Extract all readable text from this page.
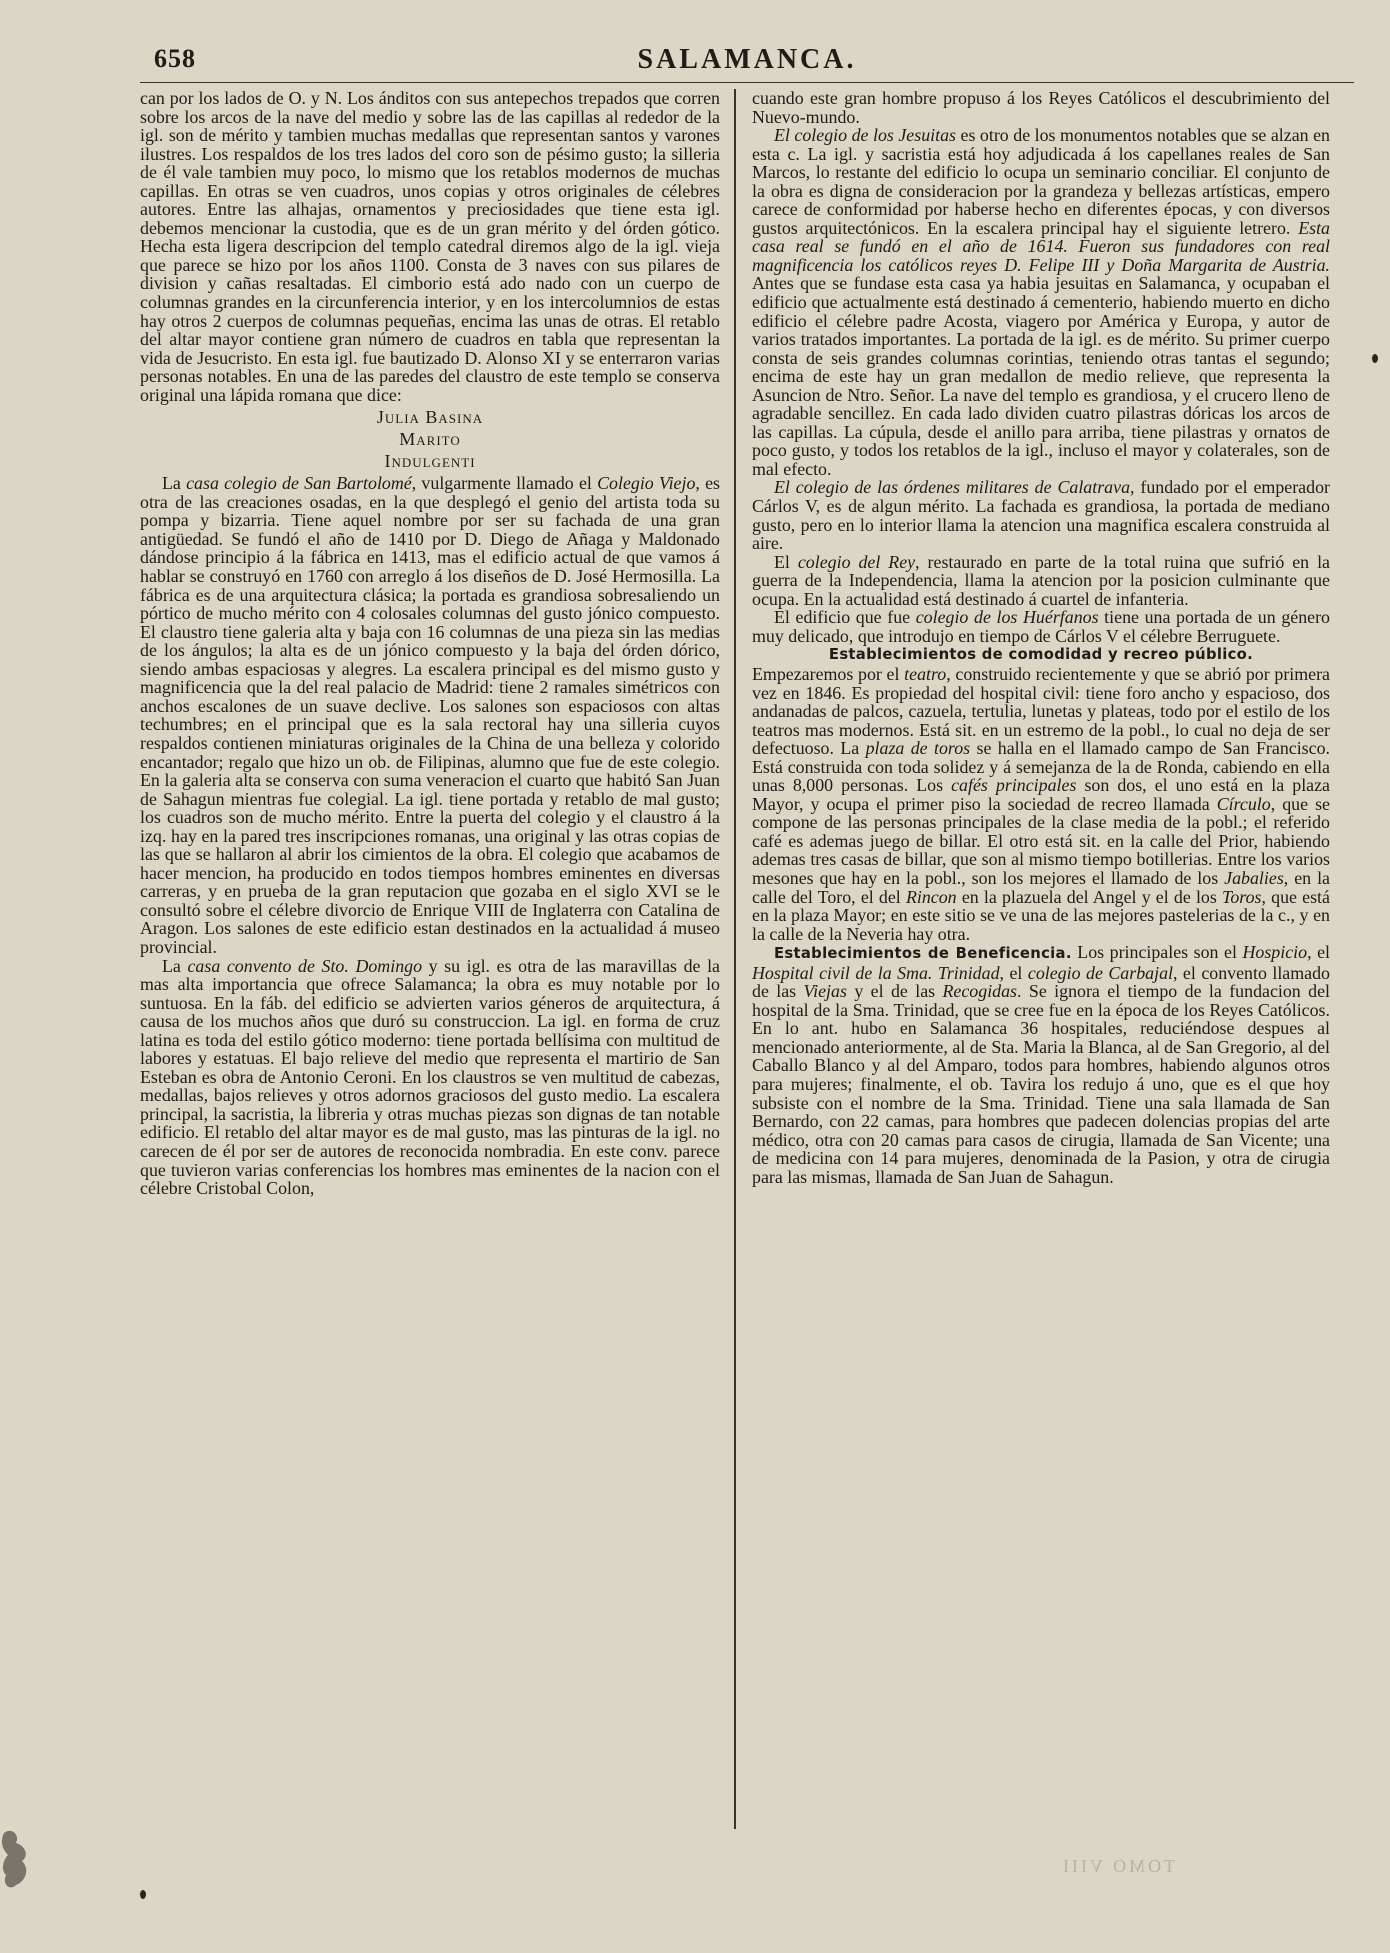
658	SALAMANCA.

can por los lados de O. y N. Los ánditos con sus antepechos trepados que corren sobre los arcos de la nave del medio y sobre las de las capillas al rededor de la igl. son de mérito y tambien muchas medallas que representan santos y varones ilustres. Los respaldos de los tres lados del coro son de pésimo gusto; la silleria de él vale tambien muy poco, lo mismo que los retablos modernos de muchas capillas. En otras se ven cuadros, unos copias y otros originales de célebres autores. Entre las alhajas, ornamentos y preciosidades que tiene esta igl. debemos mencionar la custodia, que es de un gran mérito y del órden gótico. Hecha esta ligera descripcion del templo catedral diremos algo de la igl. vieja que parece se hizo por los años 1100. Consta de 3 naves con sus pilares de division y cañas resaltadas. El cimborio está ado nado con un cuerpo de columnas grandes en la circunferencia interior, y en los intercolumnios de estas hay otros 2 cuerpos de columnas pequeñas, encima las unas de otras. El retablo del altar mayor contiene gran número de cuadros en tabla que representan la vida de Jesucristo. En esta igl. fue bautizado D. Alonso XI y se enterraron varias personas notables. En una de las paredes del claustro de este templo se conserva original una lápida romana que dice:

Julia Basina
Marito
Indulgenti

La casa colegio de San Bartolomé, vulgarmente llamado el Colegio Viejo, es otra de las creaciones osadas, en la que desplegó el genio del artista toda su pompa y bizarria. Tiene aquel nombre por ser su fachada de una gran antigüedad. Se fundó el año de 1410 por D. Diego de Añaga y Maldonado dándose principio á la fábrica en 1413, mas el edificio actual de que vamos á hablar se construyó en 1760 con arreglo á los diseños de D. José Hermosilla. La fábrica es de una arquitectura clásica; la portada es grandiosa sobresaliendo un pórtico de mucho mérito con 4 colosales columnas del gusto jónico compuesto. El claustro tiene galeria alta y baja con 16 columnas de una pieza sin las medias de los ángulos; la alta es de un jónico compuesto y la baja del órden dórico, siendo ambas espaciosas y alegres. La escalera principal es del mismo gusto y magnificencia que la del real palacio de Madrid: tiene 2 ramales simétricos con anchos escalones de un suave declive. Los salones son espaciosos con altas techumbres; en el principal que es la sala rectoral hay una silleria cuyos respaldos contienen miniaturas originales de la China de una belleza y colorido encantador; regalo que hizo un ob. de Filipinas, alumno que fue de este colegio. En la galeria alta se conserva con suma veneracion el cuarto que habitó San Juan de Sahagun mientras fue colegial. La igl. tiene portada y retablo de mal gusto; los cuadros son de mucho mérito. Entre la puerta del colegio y el claustro á la izq. hay en la pared tres inscripciones romanas, una original y las otras copias de las que se hallaron al abrir los cimientos de la obra. El colegio que acabamos de hacer mencion, ha producido en todos tiempos hombres eminentes en diversas carreras, y en prueba de la gran reputacion que gozaba en el siglo XVI se le consultó sobre el célebre divorcio de Enrique VIII de Inglaterra con Catalina de Aragon. Los salones de este edificio estan destinados en la actualidad á museo provincial.

La casa convento de Sto. Domingo y su igl. es otra de las maravillas de la mas alta importancia que ofrece Salamanca; la obra es muy notable por lo suntuosa. En la fáb. del edificio se advierten varios géneros de arquitectura, á causa de los muchos años que duró su construccion. La igl. en forma de cruz latina es toda del estilo gótico moderno: tiene portada bellísima con multitud de labores y estatuas. El bajo relieve del medio que representa el martirio de San Esteban es obra de Antonio Ceroni. En los claustros se ven multitud de cabezas, medallas, bajos relieves y otros adornos graciosos del gusto medio. La escalera principal, la sacristia, la libreria y otras muchas piezas son dignas de tan notable edificio. El retablo del altar mayor es de mal gusto, mas las pinturas de la igl. no carecen de él por ser de autores de reconocida nombradia. En este conv. parece que tuvieron varias conferencias los hombres mas eminentes de la nacion con el célebre Cristobal Colon,

cuando este gran hombre propuso á los Reyes Católicos el descubrimiento del Nuevo-mundo.

El colegio de los Jesuitas es otro de los monumentos notables que se alzan en esta c. La igl. y sacristia está hoy adjudicada á los capellanes reales de San Marcos, lo restante del edificio lo ocupa un seminario conciliar. El conjunto de la obra es digna de consideracion por la grandeza y bellezas artísticas, empero carece de conformidad por haberse hecho en diferentes épocas, y con diversos gustos arquitectónicos. En la escalera principal hay el siguiente letrero. Esta casa real se fundó en el año de 1614. Fueron sus fundadores con real magnificencia los católicos reyes D. Felipe III y Doña Margarita de Austria. Antes que se fundase esta casa ya habia jesuitas en Salamanca, y ocupaban el edificio que actualmente está destinado á cementerio, habiendo muerto en dicho edificio el célebre padre Acosta, viagero por América y Europa, y autor de varios tratados importantes. La portada de la igl. es de mérito. Su primer cuerpo consta de seis grandes columnas corintias, teniendo otras tantas el segundo; encima de este hay un gran medallon de medio relieve, que representa la Asuncion de Ntro. Señor. La nave del templo es grandiosa, y el crucero lleno de agradable sencillez. En cada lado dividen cuatro pilastras dóricas los arcos de las capillas. La cúpula, desde el anillo para arriba, tiene pilastras y ornatos de poco gusto, y todos los retablos de la igl., incluso el mayor y colaterales, son de mal efecto.

El colegio de las órdenes militares de Calatrava, fundado por el emperador Cárlos V, es de algun mérito. La fachada es grandiosa, la portada de mediano gusto, pero en lo interior llama la atencion una magnifica escalera construida al aire.

El colegio del Rey, restaurado en parte de la total ruina que sufrió en la guerra de la Independencia, llama la atencion por la posicion culminante que ocupa. En la actualidad está destinado á cuartel de infanteria.

El edificio que fue colegio de los Huérfanos tiene una portada de un género muy delicado, que introdujo en tiempo de Cárlos V el célebre Berruguete.

Establecimientos de comodidad y recreo público.

Empezaremos por el teatro, construido recientemente y que se abrió por primera vez en 1846. Es propiedad del hospital civil: tiene foro ancho y espacioso, dos andanadas de palcos, cazuela, tertulia, lunetas y plateas, todo por el estilo de los teatros mas modernos. Está sit. en un estremo de la pobl., lo cual no deja de ser defectuoso. La plaza de toros se halla en el llamado campo de San Francisco. Está construida con toda solidez y á semejanza de la de Ronda, cabiendo en ella unas 8,000 personas. Los cafés principales son dos, el uno está en la plaza Mayor, y ocupa el primer piso la sociedad de recreo llamada Círculo, que se compone de las personas principales de la clase media de la pobl.; el referido café es ademas juego de billar. El otro está sit. en la calle del Prior, habiendo ademas tres casas de billar, que son al mismo tiempo botillerias. Entre los varios mesones que hay en la pobl., son los mejores el llamado de los Jabalies, en la calle del Toro, el del Rincon en la plazuela del Angel y el de los Toros, que está en la plaza Mayor; en este sitio se ve una de las mejores pastelerias de la c., y en la calle de la Neveria hay otra.

Establecimientos de Beneficencia. Los principales son el Hospicio, el Hospital civil de la Sma. Trinidad, el colegio de Carbajal, el convento llamado de las Viejas y el de las Recogidas. Se ignora el tiempo de la fundacion del hospital de la Sma. Trinidad, que se cree fue en la época de los Reyes Católicos. En lo ant. hubo en Salamanca 36 hospitales, reduciéndose despues al mencionado anteriormente, al de Sta. Maria la Blanca, al de San Gregorio, al del Caballo Blanco y al del Amparo, todos para hombres, habiendo algunos otros para mujeres; finalmente, el ob. Tavira los redujo á uno, que es el que hoy subsiste con el nombre de la Sma. Trinidad. Tiene una sala llamada de San Bernardo, con 22 camas, para hombres que padecen dolencias propias del arte médico, otra con 20 camas para casos de cirugia, llamada de San Vicente; una de medicina con 14 para mujeres, denominada de la Pasion, y otra de cirugia para las mismas, llamada de San Juan de Sahagun.

TOMO VIII
